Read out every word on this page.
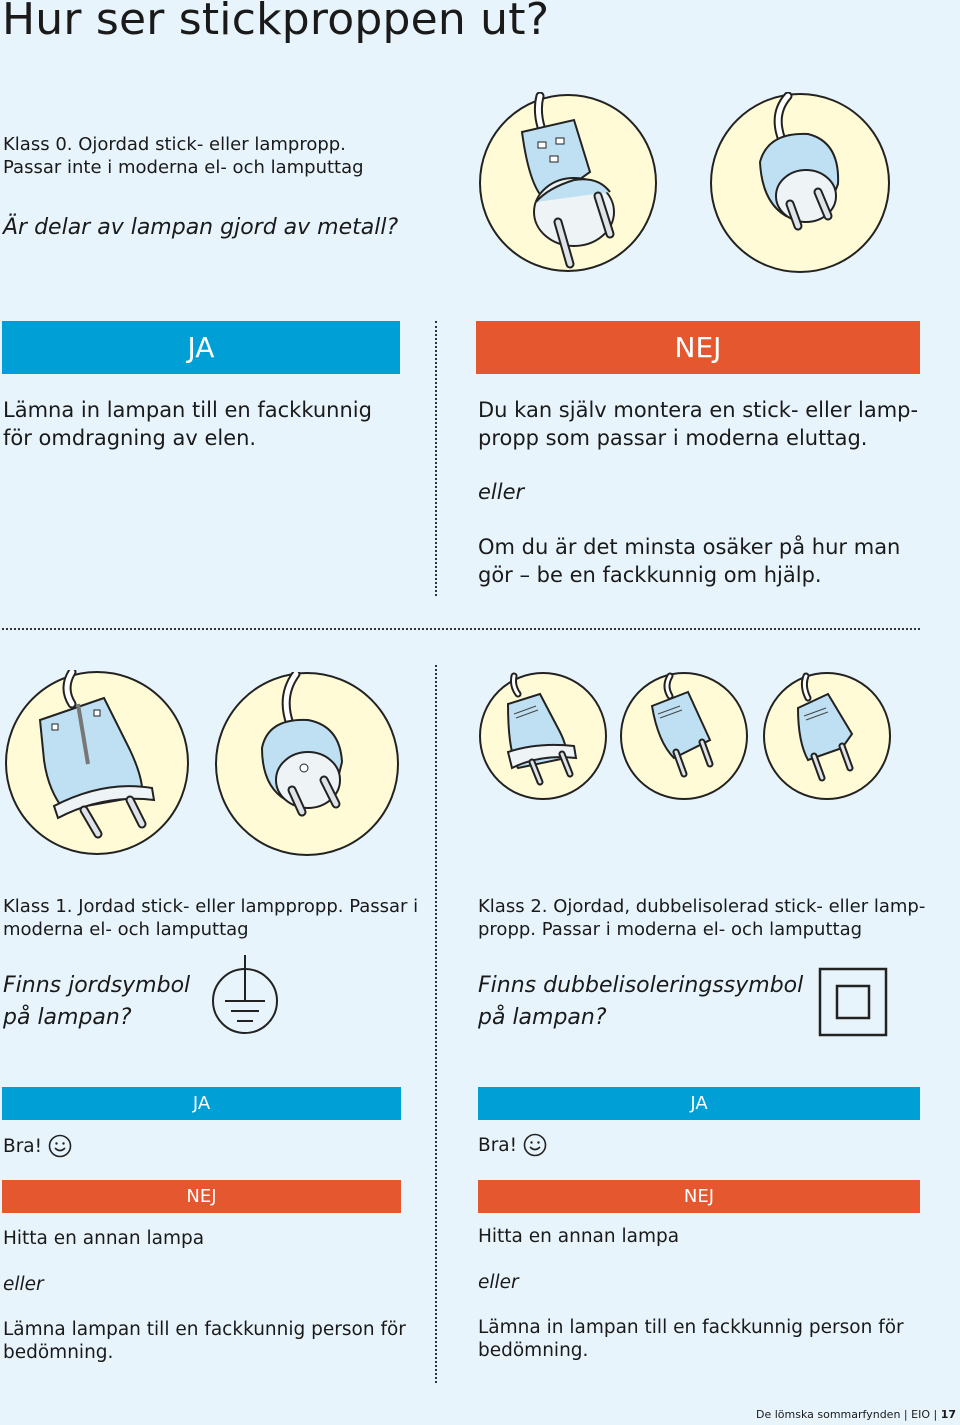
Hur ser stickproppen ut?
Klass 0. Ojordad stick- eller lampropp.
Passar inte i moderna el- och lamputtag
Är delar av lampan gjord av metall?
JA	NEJ
Lämna in lampan till en fackkunnig
för omdragning av elen.
Du kan själv montera en stick- eller lamp-
propp som passar i moderna eluttag.
eller
Om du är det minsta osäker på hur man
gör – be en fackkunnig om hjälp.
Klass 1. Jordad stick- eller lamppropp. Passar i
moderna el- och lamputtag
Finns jordsymbol
på lampan?
JA
Bra!
NEJ
Hitta en annan lampa
eller
Lämna lampan till en fackkunnig person för
bedömning.
Klass 2. Ojordad, dubbelisolerad stick- eller lamp-
propp. Passar i moderna el- och lamputtag
Finns dubbelisoleringssymbol
på lampan?
JA
Bra!
NEJ
Hitta en annan lampa
eller
Lämna in lampan till en fackkunnig person för
bedömning.
De lömska sommarfynden | EIO | 17
